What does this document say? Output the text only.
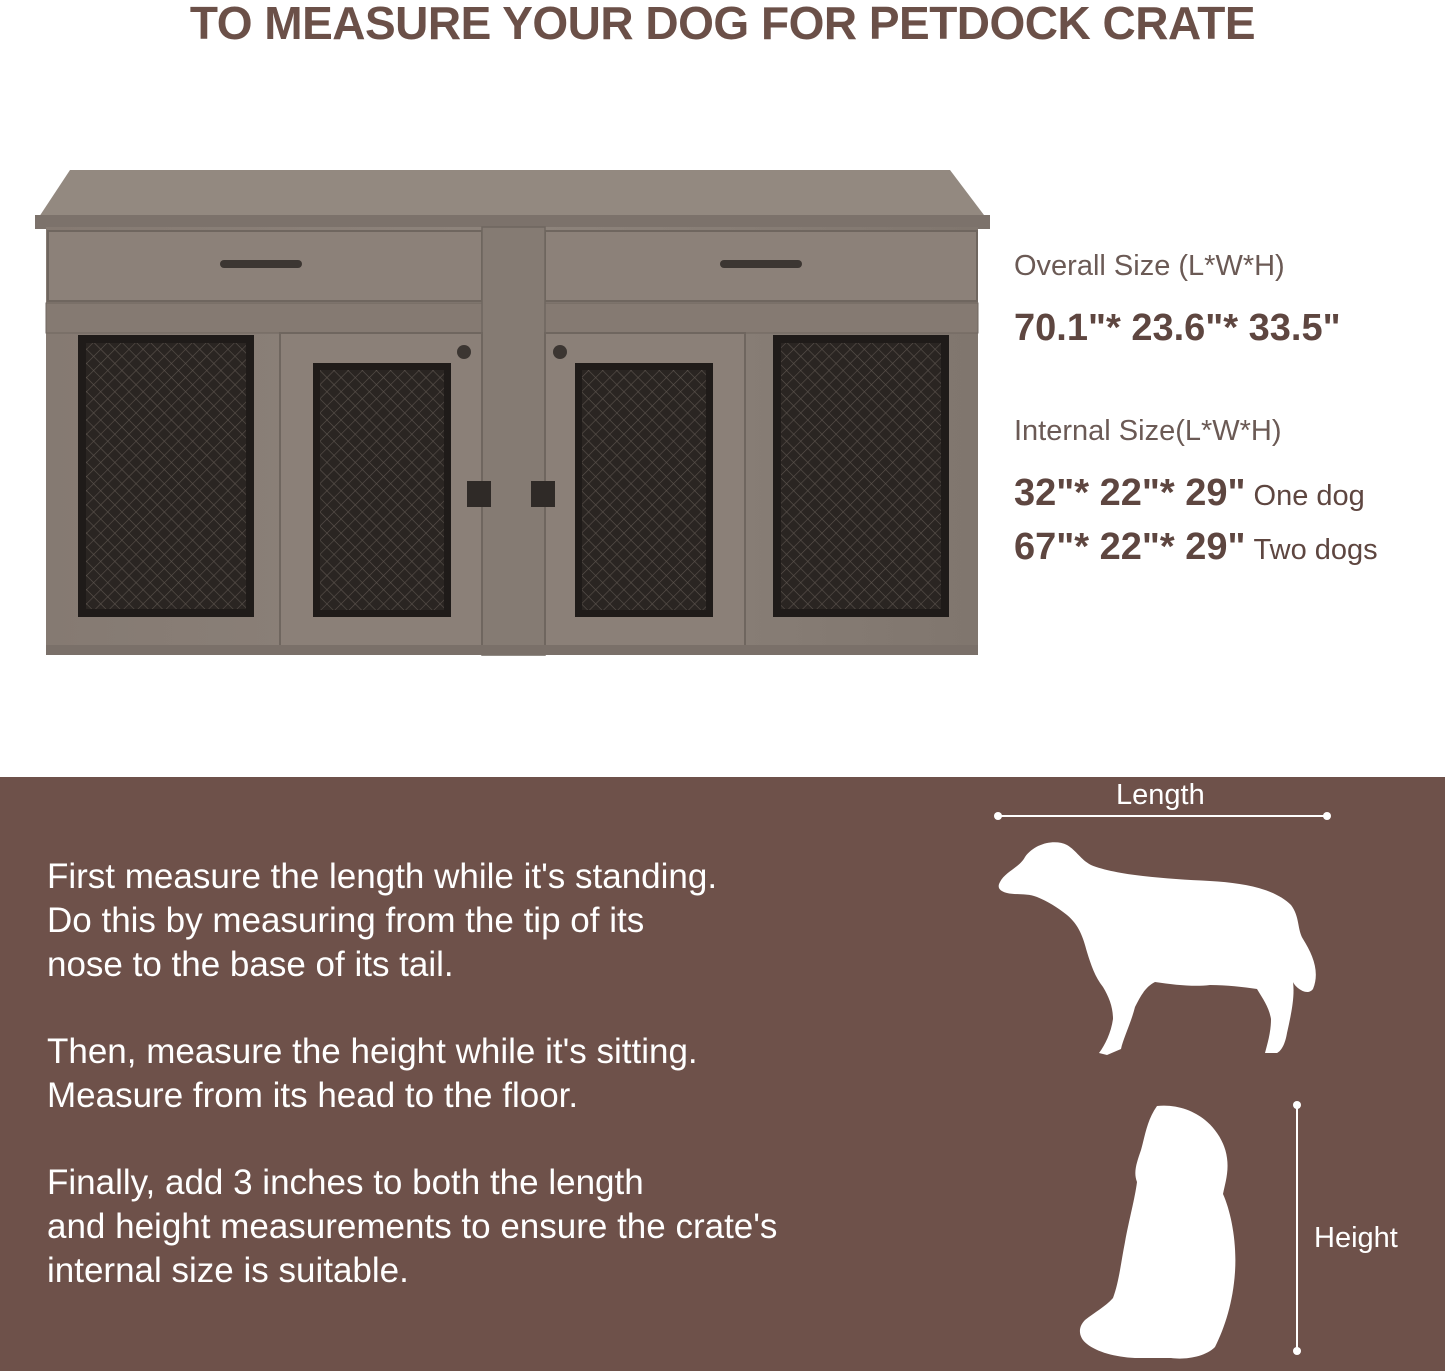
TO MEASURE YOUR DOG FOR PETDOCK CRATE
Overall Size (L*W*H)
70.1"* 23.6"* 33.5"
Internal Size(L*W*H)
32"* 22"* 29" One dog
67"* 22"* 29" Two dogs

First measure the length while it's standing.
Do this by measuring from the tip of its
nose to the base of its tail.

Then, measure the height while it's sitting.
Measure from its head to the floor.

Finally, add 3 inches to both the length
and height measurements to ensure the crate's
internal size is suitable.

Length
Height
